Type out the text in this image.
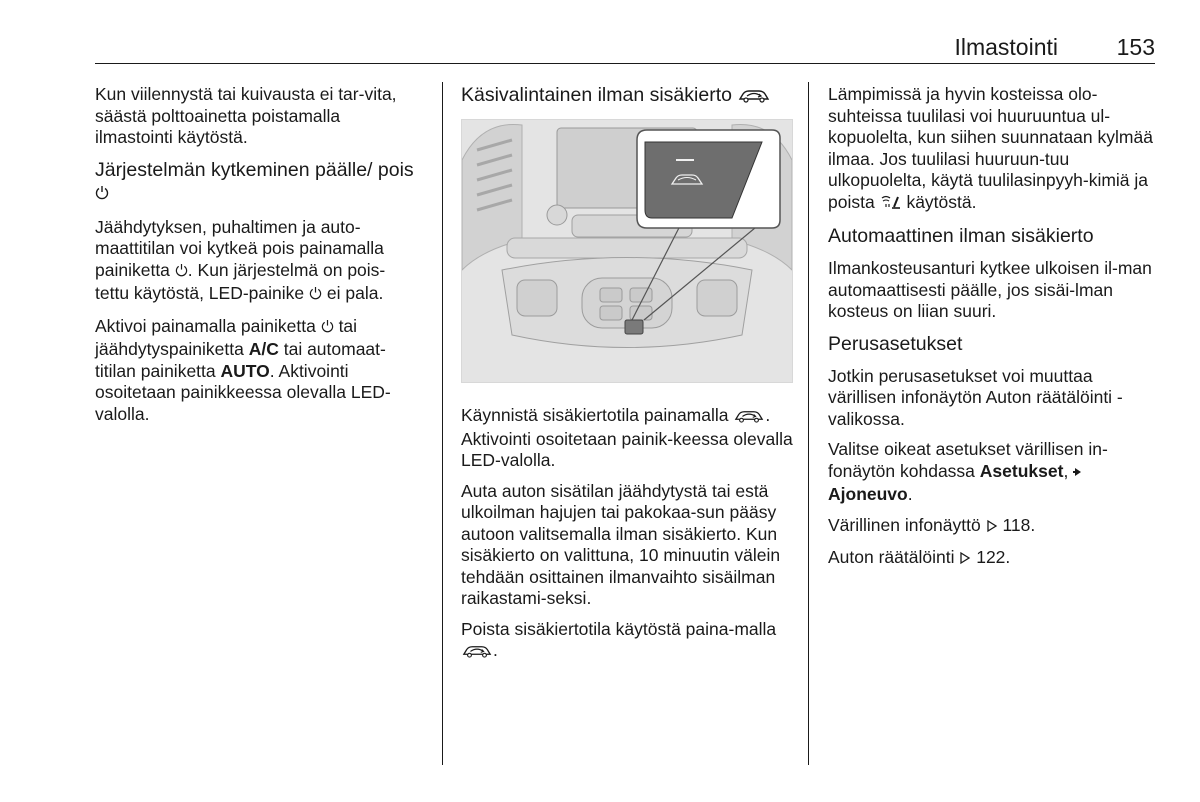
Ilmastointi	153

Kun viilennystä tai kuivausta ei tar-vita, säästä polttoainetta poistamalla ilmastointi käytöstä.

Järjestelmän kytkeminen päälle/ pois

Jäähdytyksen, puhaltimen ja auto-maattitilan voi kytkeä pois painamalla painiketta . Kun järjestelmä on pois-tettu käytöstä, LED-painike  ei pala.

Aktivoi painamalla painiketta  tai jäähdytyspainiketta A/C tai automaat-titilan painiketta AUTO. Aktivointi osoitetaan painikkeessa olevalla LED-valolla.

Käsivalintainen ilman sisäkierto

Käynnistä sisäkiertotila painamalla . Aktivointi osoitetaan painik-keessa olevalla LED-valolla.

Auta auton sisätilan jäähdytystä tai estä ulkoilman hajujen tai pakokaa-sun pääsy autoon valitsemalla ilman sisäkierto. Kun sisäkierto on valittuna, 10 minuutin välein tehdään osittainen ilmanvaihto sisäilman raikastami-seksi.

Poista sisäkiertotila käytöstä paina-malla .

Lämpimissä ja hyvin kosteissa olo-suhteissa tuulilasi voi huuruuntua ul-kopuolelta, kun siihen suunnataan kylmää ilmaa. Jos tuulilasi huuruun-tuu ulkopuolelta, käytä tuulilasinpyyh-kimiä ja poista  käytöstä.

Automaattinen ilman sisäkierto

Ilmankosteusanturi kytkee ulkoisen il-man automaattisesti päälle, jos sisäi-lman kosteus on liian suuri.

Perusasetukset

Jotkin perusasetukset voi muuttaa värillisen infonäytön Auton räätälöinti -valikossa.

Valitse oikeat asetukset värillisen in-fonäytön kohdassa Asetukset,
Ajoneuvo.

Värillinen infonäyttö  118.

Auton räätälöinti  122.
